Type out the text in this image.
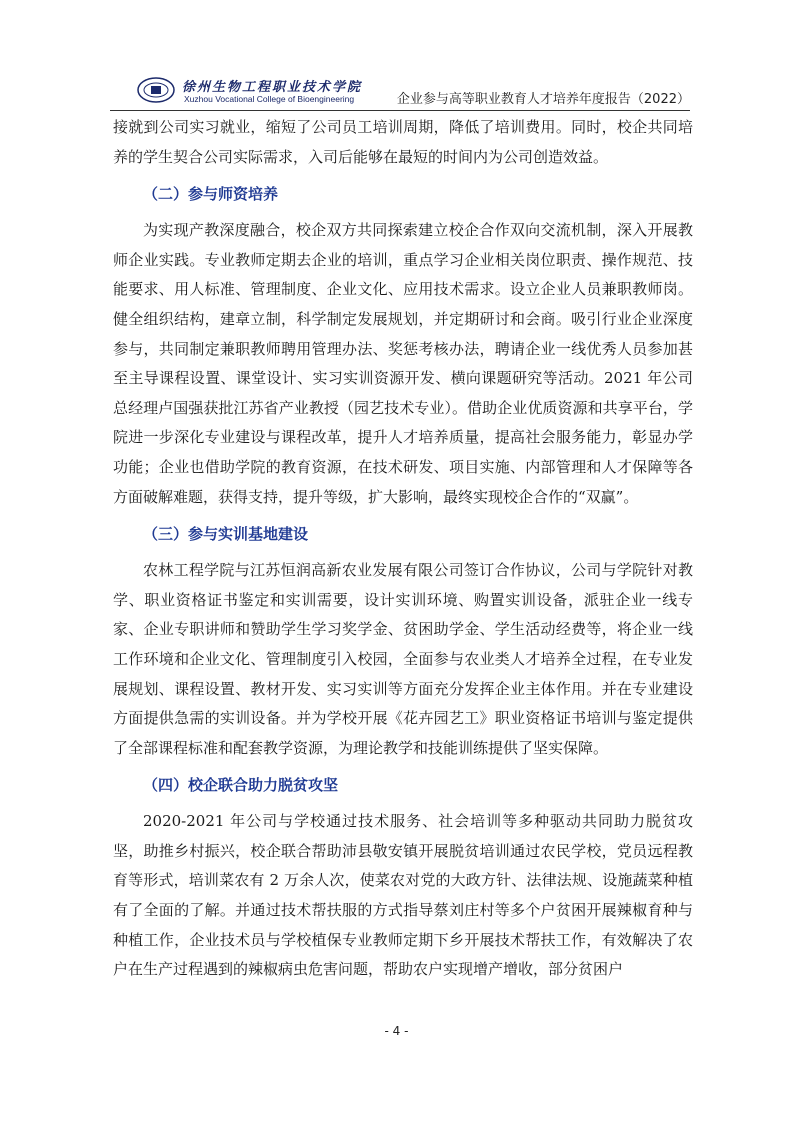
徐州生物工程职业技术学院
Xuzhou Vocational College of Bioengineering	企业参与高等职业教育人才培养年度报告（2022）

接就到公司实习就业，缩短了公司员工培训周期，降低了培训费用。同时，校企共同培养的学生契合公司实际需求，入司后能够在最短的时间内为公司创造效益。

（二）参与师资培养

为实现产教深度融合，校企双方共同探索建立校企合作双向交流机制，深入开展教师企业实践。专业教师定期去企业的培训，重点学习企业相关岗位职责、操作规范、技能要求、用人标准、管理制度、企业文化、应用技术需求。设立企业人员兼职教师岗。健全组织结构，建章立制，科学制定发展规划，并定期研讨和会商。吸引行业企业深度参与，共同制定兼职教师聘用管理办法、奖惩考核办法，聘请企业一线优秀人员参加甚至主导课程设置、课堂设计、实习实训资源开发、横向课题研究等活动。2021 年公司总经理卢国强获批江苏省产业教授（园艺技术专业）。借助企业优质资源和共享平台，学院进一步深化专业建设与课程改革，提升人才培养质量，提高社会服务能力，彰显办学功能；企业也借助学院的教育资源，在技术研发、项目实施、内部管理和人才保障等各方面破解难题，获得支持，提升等级，扩大影响，最终实现校企合作的“双赢”。

（三）参与实训基地建设

农林工程学院与江苏恒润高新农业发展有限公司签订合作协议，公司与学院针对教学、职业资格证书鉴定和实训需要，设计实训环境、购置实训设备，派驻企业一线专家、企业专职讲师和赞助学生学习奖学金、贫困助学金、学生活动经费等，将企业一线工作环境和企业文化、管理制度引入校园，全面参与农业类人才培养全过程，在专业发展规划、课程设置、教材开发、实习实训等方面充分发挥企业主体作用。并在专业建设方面提供急需的实训设备。并为学校开展《花卉园艺工》职业资格证书培训与鉴定提供了全部课程标准和配套教学资源，为理论教学和技能训练提供了坚实保障。

（四）校企联合助力脱贫攻坚

2020-2021 年公司与学校通过技术服务、社会培训等多种驱动共同助力脱贫攻坚，助推乡村振兴，校企联合帮助沛县敬安镇开展脱贫培训通过农民学校，党员远程教育等形式，培训菜农有 2 万余人次，使菜农对党的大政方针、法律法规、设施蔬菜种植有了全面的了解。并通过技术帮扶服的方式指导蔡刘庄村等多个户贫困开展辣椒育种与种植工作，企业技术员与学校植保专业教师定期下乡开展技术帮扶工作，有效解决了农户在生产过程遇到的辣椒病虫危害问题，帮助农户实现增产增收，部分贫困户

- 4 -
